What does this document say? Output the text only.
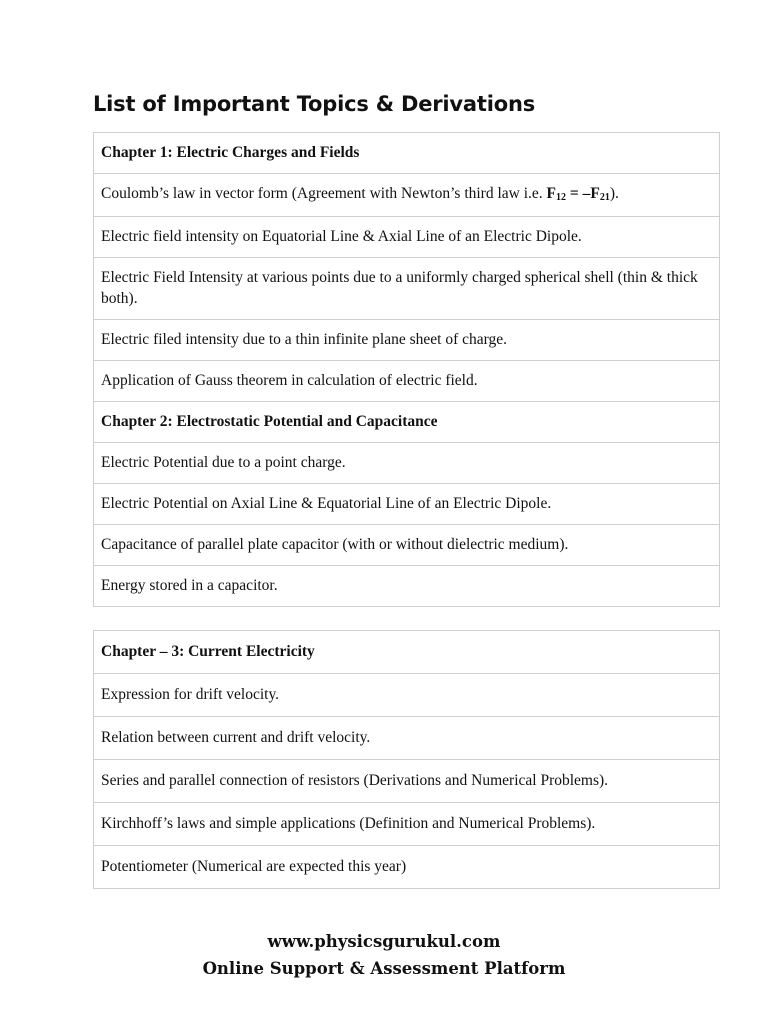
List of Important Topics & Derivations
Chapter 1: Electric Charges and Fields
Coulomb’s law in vector form (Agreement with Newton’s third law i.e. F12 = –F21).
Electric field intensity on Equatorial Line & Axial Line of an Electric Dipole.
Electric Field Intensity at various points due to a uniformly charged spherical shell (thin & thick both).
Electric filed intensity due to a thin infinite plane sheet of charge.
Application of Gauss theorem in calculation of electric field.
Chapter 2: Electrostatic Potential and Capacitance
Electric Potential due to a point charge.
Electric Potential on Axial Line & Equatorial Line of an Electric Dipole.
Capacitance of parallel plate capacitor (with or without dielectric medium).
Energy stored in a capacitor.
Chapter – 3: Current Electricity
Expression for drift velocity.
Relation between current and drift velocity.
Series and parallel connection of resistors (Derivations and Numerical Problems).
Kirchhoff’s laws and simple applications (Definition and Numerical Problems).
Potentiometer (Numerical are expected this year)
www.physicsgurukul.com
Online Support & Assessment Platform
